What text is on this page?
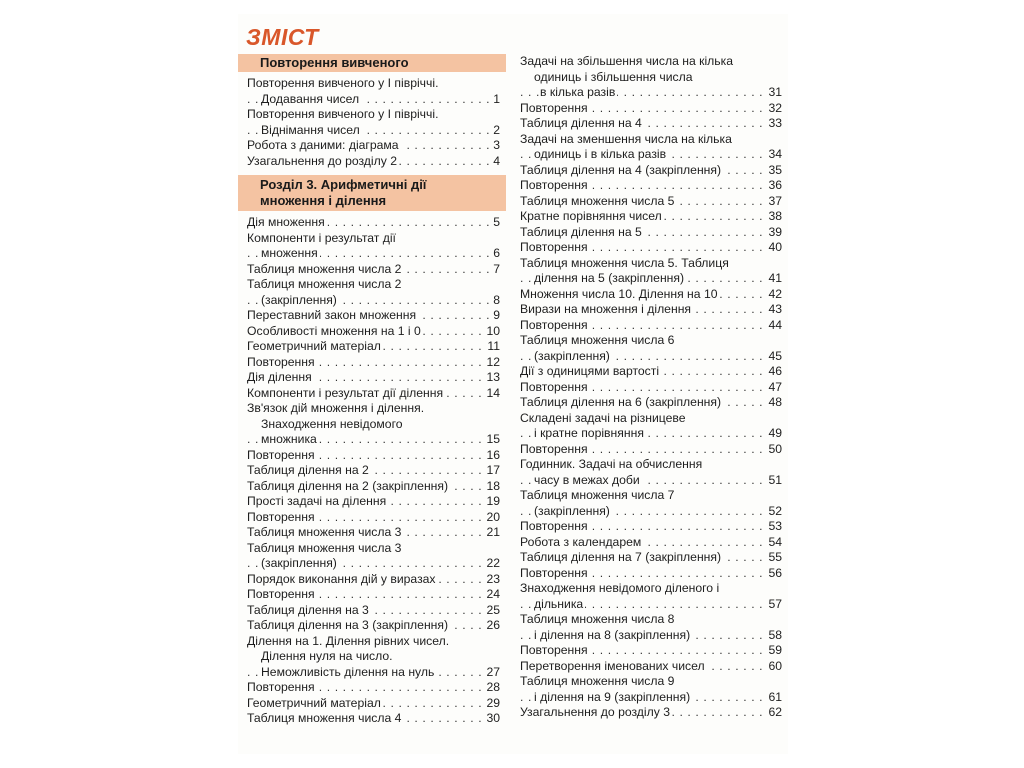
ЗМІСТ
Повторення вивченого
Повторення вивченого у І півріччі.
. . . Додавання чисел	1
Повторення вивченого у І півріччі.
. . . Віднімання чисел	2
. . . Робота з даними: діаграма	3
. . . Узагальнення до розділу 2	4
Розділ 3. Арифметичні дії
множення і ділення
. . . Дія множення	5
Компоненти і результат дії
. . . множення	6
. . . Таблиця множення числа 2	7
Таблиця множення числа 2
. . . (закріплення)	8
. . . Переставний закон множення	9
. . . Особливості множення на 1 і 0	10
. . . Геометричний матеріал	11
. . . Повторення	12
. . . Дія ділення	13
. . . Компоненти і результат дії ділення	14
Зв'язок дій множення і ділення.
Знаходження невідомого
. . . множника	15
. . . Повторення	16
. . . Таблиця ділення на 2	17
. . . Таблиця ділення на 2 (закріплення)	18
. . . Прості задачі на ділення	19
. . . Повторення	20
. . . Таблиця множення числа 3	21
Таблиця множення числа 3
. . . (закріплення)	22
. . . Порядок виконання дій у виразах	23
. . . Повторення	24
. . . Таблиця ділення на 3	25
. . . Таблиця ділення на 3 (закріплення)	26
Ділення на 1. Ділення рівних чисел.
Ділення нуля на число.
. . . Неможливість ділення на нуль	27
. . . Повторення	28
. . . Геометричний матеріал	29
. . . Таблиця множення числа 4	30
Задачі на збільшення числа на кілька
одиниць і збільшення числа
. . . в кілька разів	31
. . . Повторення	32
. . . Таблиця ділення на 4	33
Задачі на зменшення числа на кілька
. . . одиниць і в кілька разів	34
. . . Таблиця ділення на 4 (закріплення)	35
. . . Повторення	36
. . . Таблиця множення числа 5	37
. . . Кратне порівняння чисел	38
. . . Таблиця ділення на 5	39
. . . Повторення	40
Таблиця множення числа 5. Таблиця
. . . ділення на 5 (закріплення)	41
. . . Множення числа 10. Ділення на 10	42
. . . Вирази на множення і ділення	43
. . . Повторення	44
Таблиця множення числа 6
. . . (закріплення)	45
. . . Дії з одиницями вартості	46
. . . Повторення	47
. . . Таблиця ділення на 6 (закріплення)	48
Складені задачі на різницеве
. . . і кратне порівняння	49
. . . Повторення	50
Годинник. Задачі на обчислення
. . . часу в межах доби	51
Таблиця множення числа 7
. . . (закріплення)	52
. . . Повторення	53
. . . Робота з календарем	54
. . . Таблиця ділення на 7 (закріплення)	55
. . . Повторення	56
Знаходження невідомого діленого і
. . . дільника	57
Таблиця множення числа 8
. . . і ділення на 8 (закріплення)	58
. . . Повторення	59
. . . Перетворення іменованих чисел	60
Таблиця множення числа 9
. . . і ділення на 9 (закріплення)	61
. . . Узагальнення до розділу 3	62
